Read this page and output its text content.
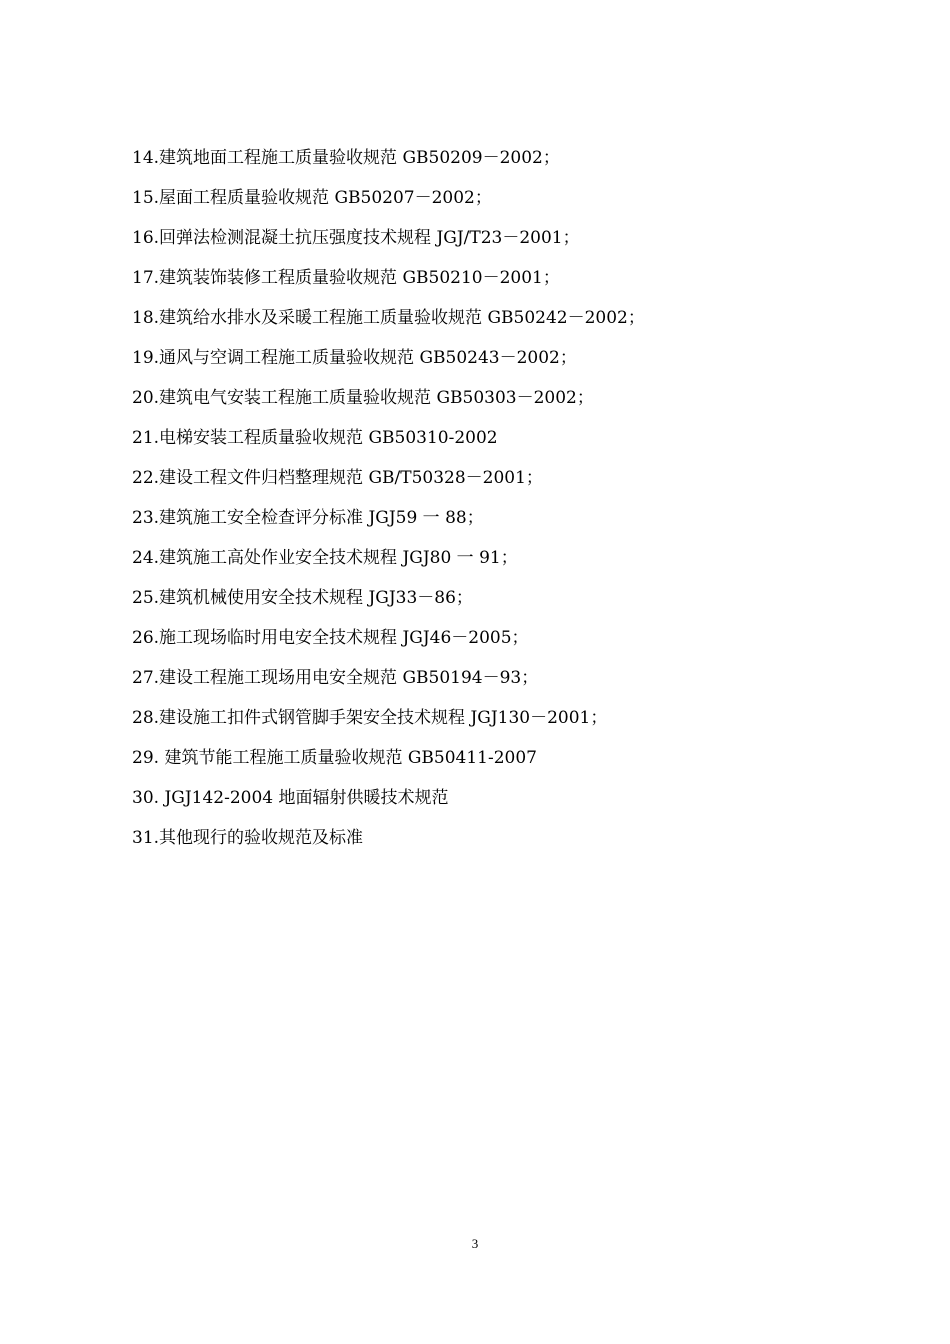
14.建筑地面工程施工质量验收规范 GB50209－2002；
15.屋面工程质量验收规范 GB50207－2002；
16.回弹法检测混凝土抗压强度技术规程 JGJ/T23－2001；
17.建筑装饰装修工程质量验收规范 GB50210－2001；
18.建筑给水排水及采暖工程施工质量验收规范 GB50242－2002；
19.通风与空调工程施工质量验收规范 GB50243－2002；
20.建筑电气安装工程施工质量验收规范 GB50303－2002；
21.电梯安装工程质量验收规范 GB50310-2002
22.建设工程文件归档整理规范 GB/T50328－2001；
23.建筑施工安全检查评分标准 JGJ59 一 88；
24.建筑施工高处作业安全技术规程 JGJ80 一 91；
25.建筑机械使用安全技术规程 JGJ33－86；
26.施工现场临时用电安全技术规程 JGJ46－2005；
27.建设工程施工现场用电安全规范 GB50194－93；
28.建设施工扣件式钢管脚手架安全技术规程 JGJ130－2001；
29. 建筑节能工程施工质量验收规范 GB50411-2007
30. JGJ142-2004 地面辐射供暖技术规范
31.其他现行的验收规范及标准
3
